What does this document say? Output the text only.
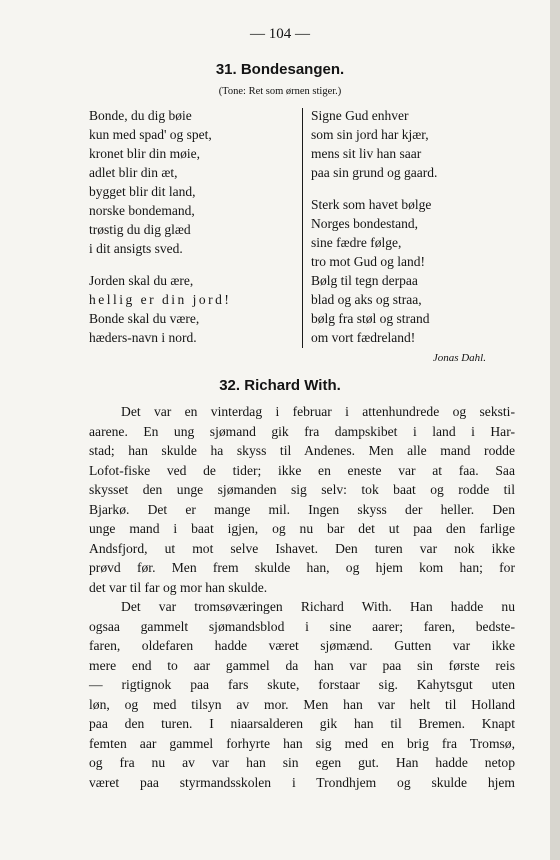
— 104 —
31. Bondesangen.
(Tone: Ret som ørnen stiger.)
Bonde, du dig bøie
kun med spad' og spet,
kronet blir din møie,
adlet blir din æt,
bygget blir dit land,
norske bondemand,
trøstig du dig glæd
i dit ansigts sved.
Jorden skal du ære,
hellig er din jord!
Bonde skal du være,
hæders-navn i nord.
Signe Gud enhver
som sin jord har kjær,
mens sit liv han saar
paa sin grund og gaard.
Sterk som havet bølge
Norges bondestand,
sine fædre følge,
tro mot Gud og land!
Bølg til tegn derpaa
blad og aks og straa,
bølg fra støl og strand
om vort fædreland!
Jonas Dahl.
32. Richard With.
Det var en vinterdag i februar i attenhundrede og seksti-
aarene. En ung sjømand gik fra dampskibet i land i Har-
stad; han skulde ha skyss til Andenes. Men alle mand rodde
Lofot-fiske ved de tider; ikke en eneste var at faa. Saa
skysset den unge sjømanden sig selv: tok baat og rodde til
Bjarkø. Det er mange mil. Ingen skyss der heller. Den
unge mand i baat igjen, og nu bar det ut paa den farlige
Andsfjord, ut mot selve Ishavet. Den turen var nok ikke
prøvd før. Men frem skulde han, og hjem kom han; for
det var til far og mor han skulde.
Det var tromsøværingen Richard With. Han hadde nu
ogsaa gammelt sjømandsblod i sine aarer; faren, bedste-
faren, oldefaren hadde været sjømænd. Gutten var ikke
mere end to aar gammel da han var paa sin første reis
— rigtignok paa fars skute, forstaar sig. Kahytsgut uten
løn, og med tilsyn av mor. Men han var helt til Holland
paa den turen. I niaarsalderen gik han til Bremen. Knapt
femten aar gammel forhyrte han sig med en brig fra Tromsø,
og fra nu av var han sin egen gut. Han hadde netop
været paa styrmandsskolen i Trondhjem og skulde hjem
